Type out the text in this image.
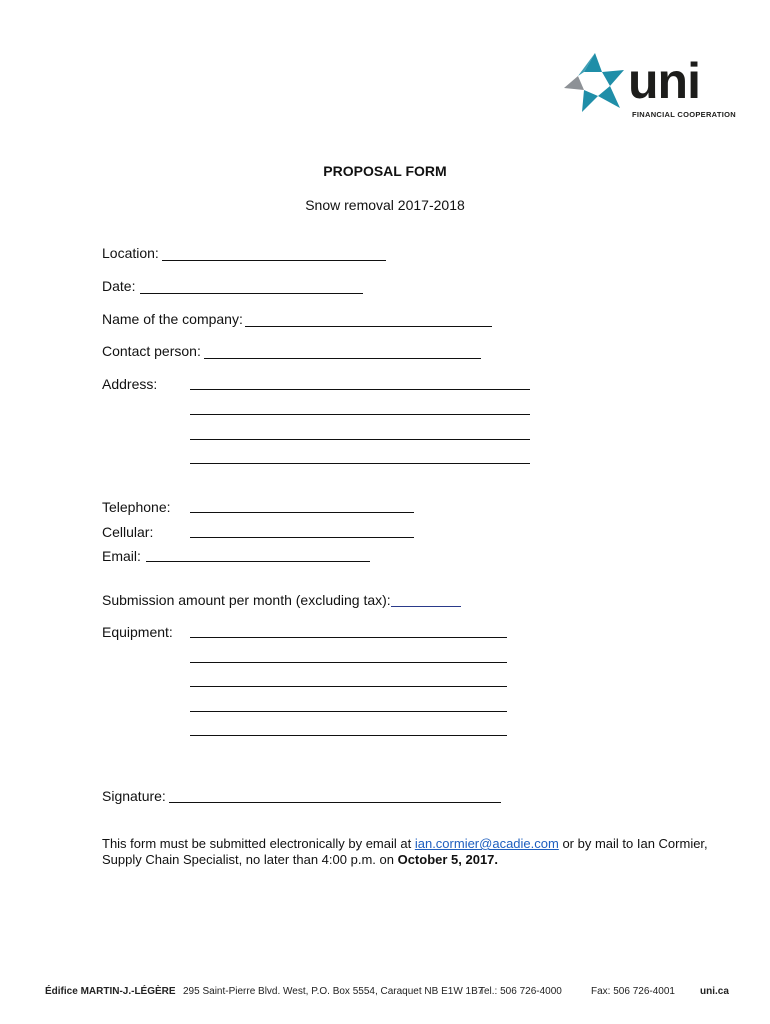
uni
FINANCIAL COOPERATION
PROPOSAL FORM
Snow removal 2017-2018
Location:
Date:
Name of the company:
Contact person:
Address:
Telephone:
Cellular:
Email:
Submission amount per month (excluding tax):
Equipment:
Signature:
This form must be submitted electronically by email at ian.cormier@acadie.com or by mail to Ian Cormier,
Supply Chain Specialist, no later than 4:00 p.m. on October 5, 2017.
Édifice MARTIN-J.-LÉGÈRE 295 Saint-Pierre Blvd. West, P.O. Box 5554, Caraquet NB E1W 1B7
Tel.: 506 726-4000	Fax: 506 726-4001	uni.ca
